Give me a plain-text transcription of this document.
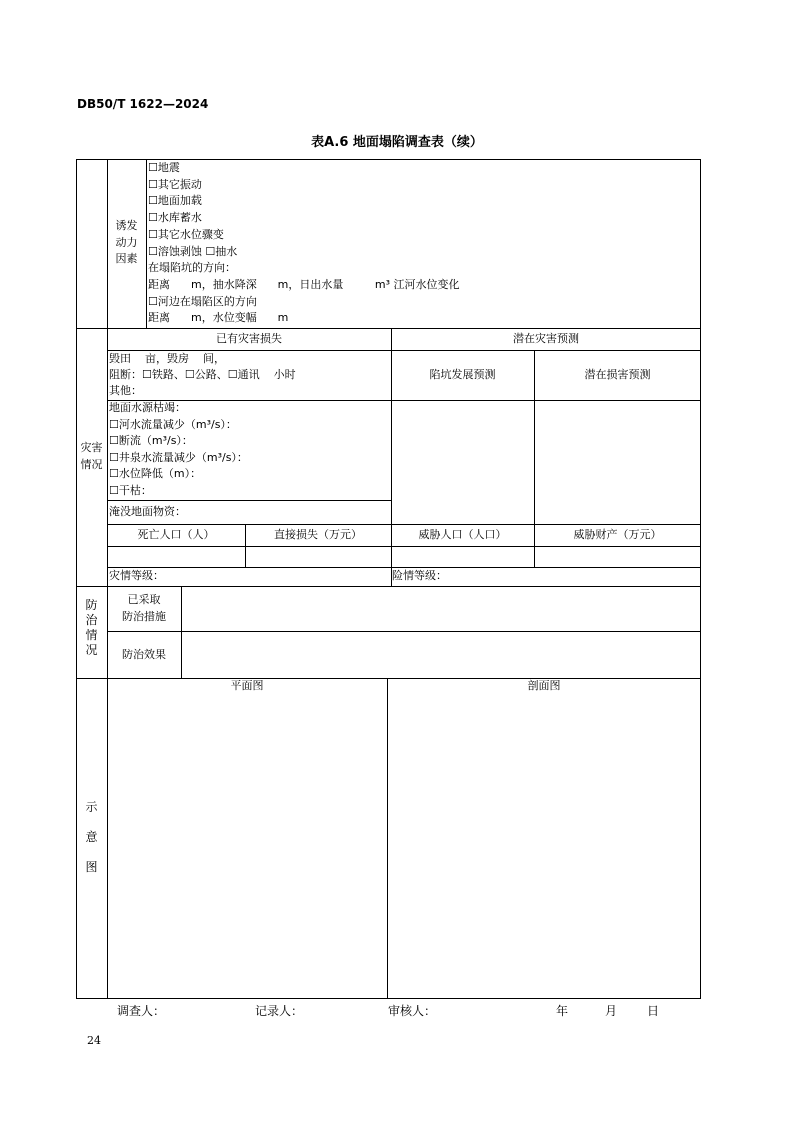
DB50/T 1622—2024
表A.6 地面塌陷调查表（续）
诱发
动力
因素
☐地震
☐其它振动
☐地面加载
☐水库蓄水
☐其它水位骤变
☐溶蚀剥蚀 ☐抽水
在塌陷坑的方向：
距离      m，抽水降深      m，日出水量         m³ 江河水位变化
☐河边在塌陷区的方向
距离      m，水位变幅      m
灾害
情况
已有灾害损失	潜在灾害预测
毁田    亩，毁房    间，
阻断：☐铁路、☐公路、☐通讯    小时
其他：
陷坑发展预测	潜在损害预测
地面水源枯竭：
☐河水流量减少（m³/s）：
☐断流（m³/s）：
☐井泉水流量减少（m³/s）：
☐水位降低（m）：
☐干枯：
淹没地面物资：
死亡人口（人）	直接损失（万元）	威胁人口（人口）	威胁财产（万元）
灾情等级：	险情等级：
防
治
情
况
已采取
防治措施
防治效果
示

意

图
平面图	剖面图
调查人：	记录人：	审核人：	年	月 日
24
